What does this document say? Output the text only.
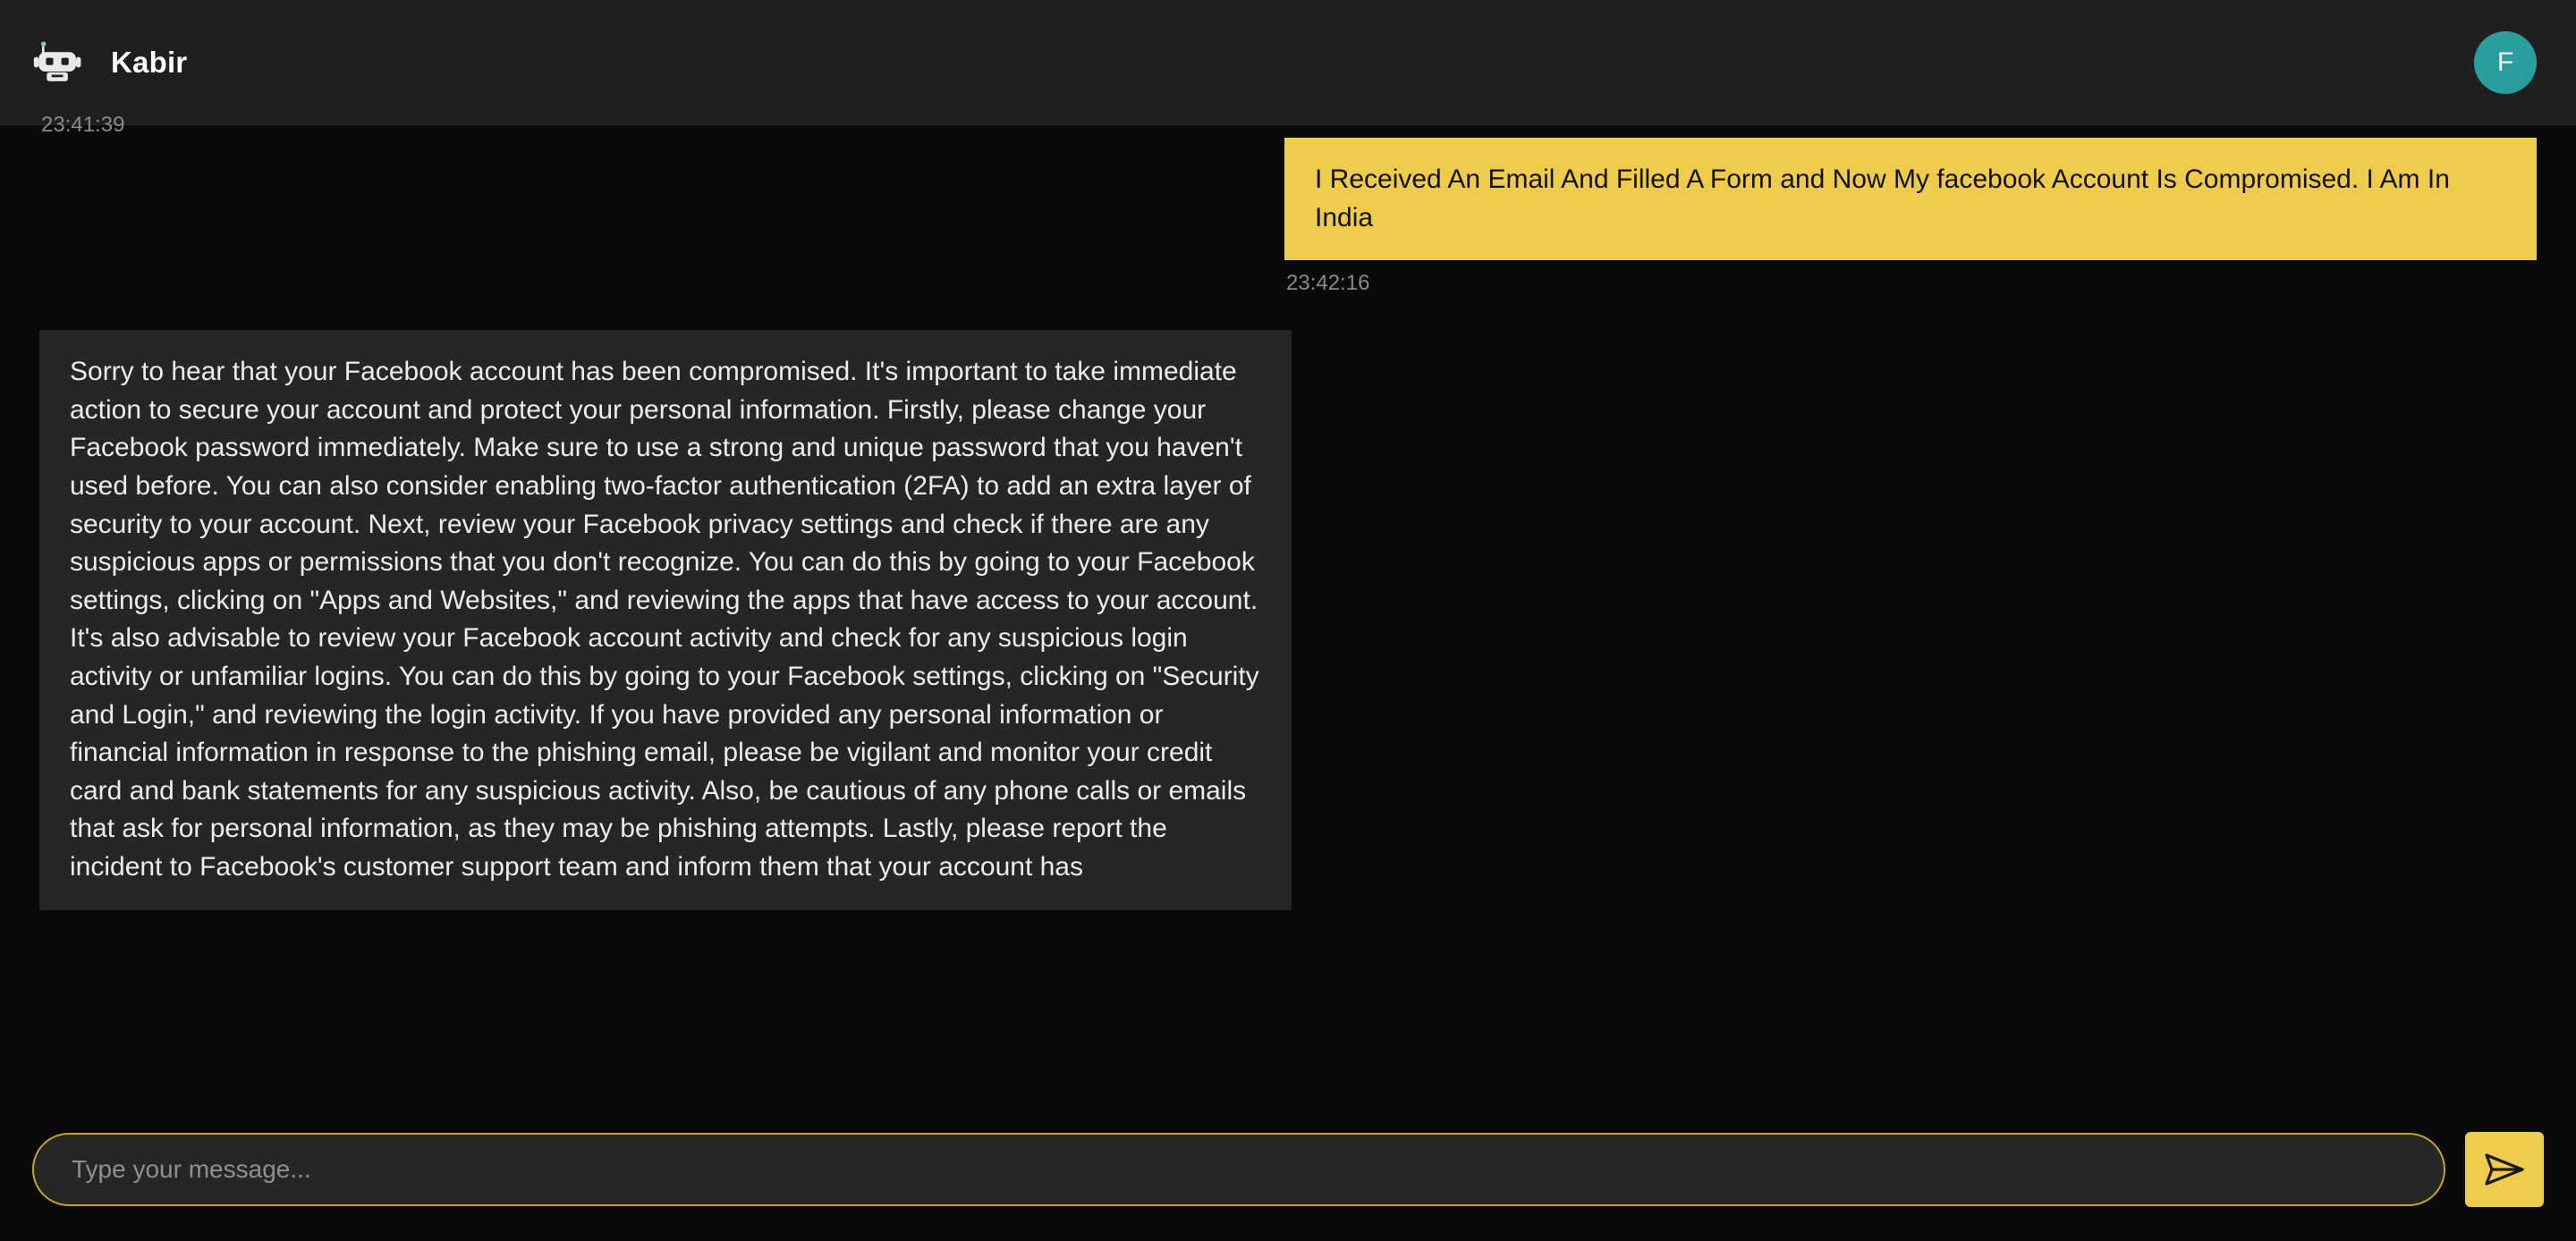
Kabir	F
23:41:39
I Received An Email And Filled A Form and Now My facebook Account Is Compromised. I Am In India
23:42:16
Sorry to hear that your Facebook account has been compromised. It's important to take immediate action to secure your account and protect your personal information. Firstly, please change your Facebook password immediately. Make sure to use a strong and unique password that you haven't used before. You can also consider enabling two-factor authentication (2FA) to add an extra layer of security to your account. Next, review your Facebook privacy settings and check if there are any suspicious apps or permissions that you don't recognize. You can do this by going to your Facebook settings, clicking on "Apps and Websites," and reviewing the apps that have access to your account. It's also advisable to review your Facebook account activity and check for any suspicious login activity or unfamiliar logins. You can do this by going to your Facebook settings, clicking on "Security and Login," and reviewing the login activity. If you have provided any personal information or financial information in response to the phishing email, please be vigilant and monitor your credit card and bank statements for any suspicious activity. Also, be cautious of any phone calls or emails that ask for personal information, as they may be phishing attempts. Lastly, please report the incident to Facebook's customer support team and inform them that your account has
Type your message...
